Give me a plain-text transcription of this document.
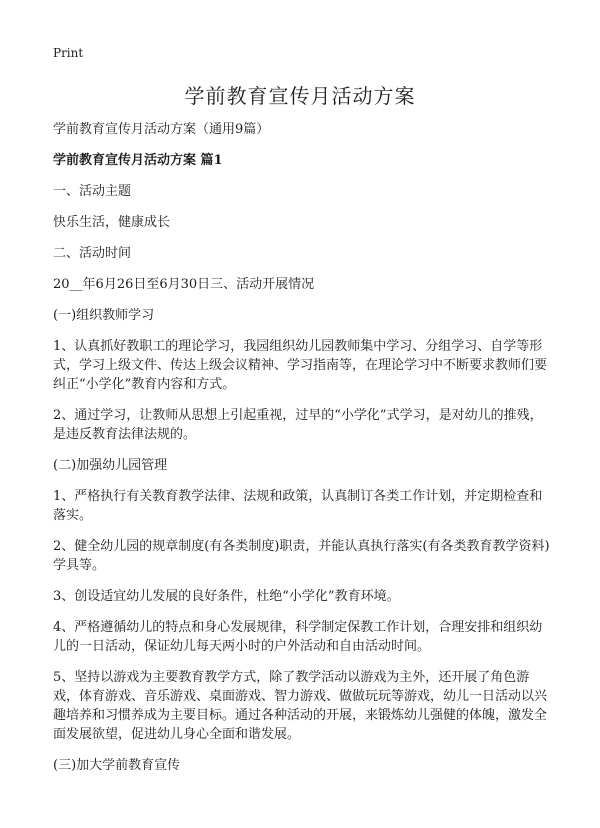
Print
学前教育宣传月活动方案

学前教育宣传月活动方案（通用9篇）

学前教育宣传月活动方案 篇1

一、活动主题

快乐生活，健康成长

二、活动时间

20__年6月26日至6月30日三、活动开展情况

(一)组织教师学习

1、认真抓好教职工的理论学习，我园组织幼儿园教师集中学习、分组学习、自学等形式，学习上级文件、传达上级会议精神、学习指南等，在理论学习中不断要求教师们要纠正“小学化”教育内容和方式。

2、通过学习，让教师从思想上引起重视，过早的“小学化”式学习，是对幼儿的推残，是违反教育法律法规的。

(二)加强幼儿园管理

1、严格执行有关教育教学法律、法规和政策，认真制订各类工作计划，并定期检查和落实。

2、健全幼儿园的规章制度(有各类制度)职责，并能认真执行落实(有各类教育教学资料)学具等。

3、创设适宜幼儿发展的良好条件，杜绝“小学化”教育环境。

4、严格遵循幼儿的特点和身心发展规律，科学制定保教工作计划，合理安排和组织幼儿的一日活动，保证幼儿每天两小时的户外活动和自由活动时间。

5、坚持以游戏为主要教育教学方式，除了教学活动以游戏为主外，还开展了角色游戏，体育游戏、音乐游戏、桌面游戏、智力游戏、做做玩玩等游戏，幼儿一日活动以兴趣培养和习惯养成为主要目标。通过各种活动的开展，来锻炼幼儿强健的体魄，激发全面发展欲望，促进幼儿身心全面和谐发展。

(三)加大学前教育宣传
